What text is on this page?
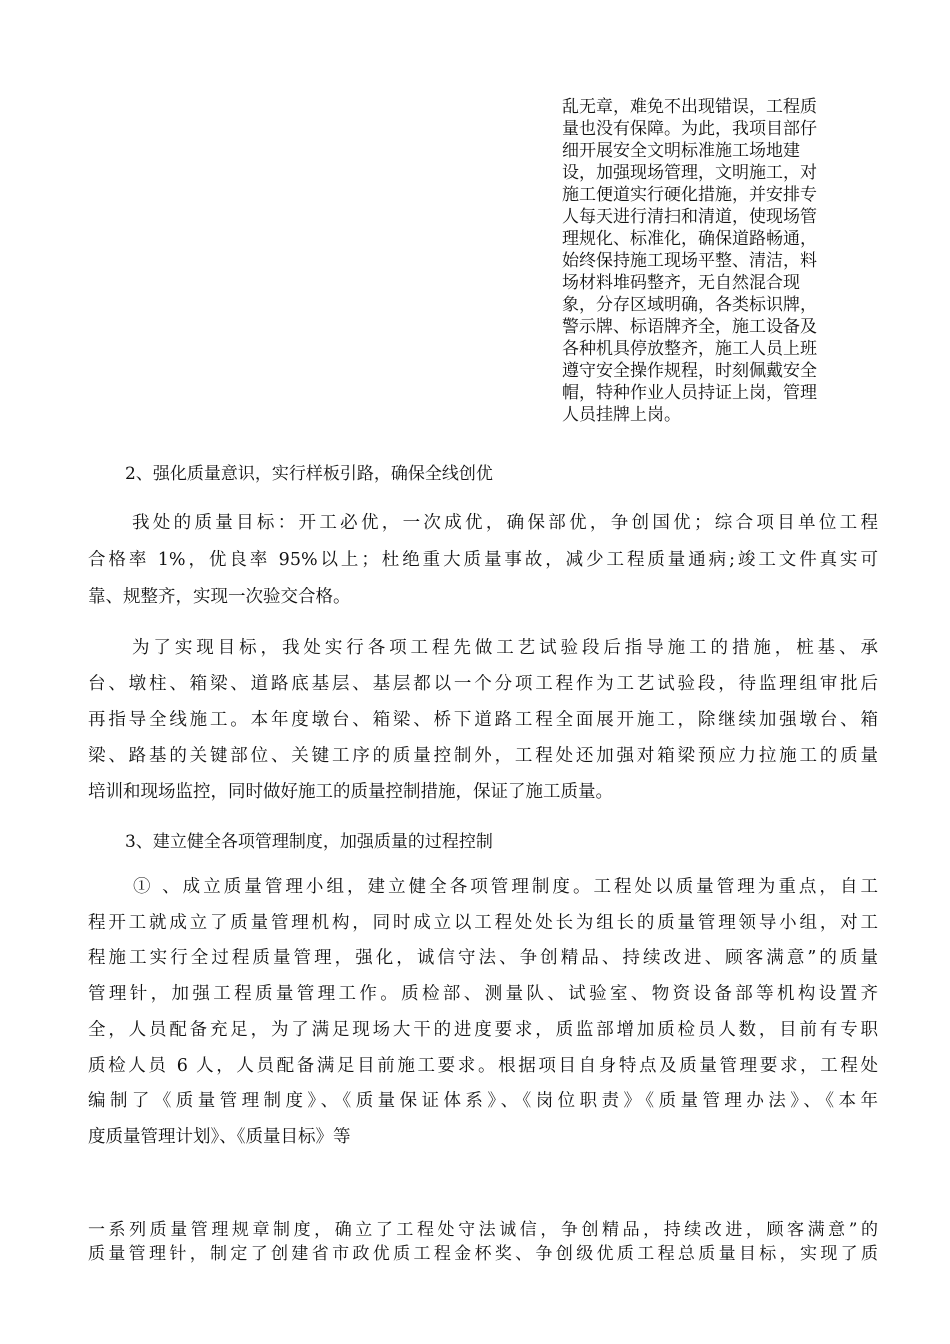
乱无章，难免不出现错误，工程质
量也没有保障。为此，我项目部仔
细开展安全文明标准施工场地建
设，加强现场管理，文明施工，对
施工便道实行硬化措施，并安排专
人每天进行清扫和清道，使现场管
理规化、标准化，确保道路畅通，
始终保持施工现场平整、清洁，料
场材料堆码整齐，无自然混合现
象，分存区域明确，各类标识牌，
警示牌、标语牌齐全，施工设备及
各种机具停放整齐，施工人员上班
遵守安全操作规程，时刻佩戴安全
帽，特种作业人员持证上岗，管理
人员挂牌上岗。
2、强化质量意识，实行样板引路，确保全线创优
我处的质量目标：开工必优，一次成优，确保部优，争创国优；综合项目单位工程
合格率 1%，优良率 95%以上；杜绝重大质量事故，减少工程质量通病;竣工文件真实可
靠、规整齐，实现一次验交合格。
为了实现目标，我处实行各项工程先做工艺试验段后指导施工的措施，桩基、承
台、墩柱、箱梁、道路底基层、基层都以一个分项工程作为工艺试验段，待监理组审批后
再指导全线施工。本年度墩台、箱梁、桥下道路工程全面展开施工，除继续加强墩台、箱
梁、路基的关键部位、关键工序的质量控制外，工程处还加强对箱梁预应力拉施工的质量
培训和现场监控，同时做好施工的质量控制措施，保证了施工质量。
3、建立健全各项管理制度，加强质量的过程控制
① 、成立质量管理小组，建立健全各项管理制度。工程处以质量管理为重点，自工
程开工就成立了质量管理机构，同时成立以工程处处长为组长的质量管理领导小组，对工
程施工实行全过程质量管理，强化，诚信守法、争创精品、持续改进、顾客满意”的质量
管理针，加强工程质量管理工作。质检部、测量队、试验室、物资设备部等机构设置齐
全，人员配备充足，为了满足现场大干的进度要求，质监部增加质检员人数，目前有专职
质检人员 6 人，人员配备满足目前施工要求。根据项目自身特点及质量管理要求，工程处
编制了《质量管理制度》、《质量保证体系》、《岗位职责》《质量管理办法》、《本年
度质量管理计划》、《质量目标》等
一系列质量管理规章制度，确立了工程处守法诚信，争创精品，持续改进，顾客满意”的
质量管理针，制定了创建省市政优质工程金杯奖、争创级优质工程总质量目标，实现了质
